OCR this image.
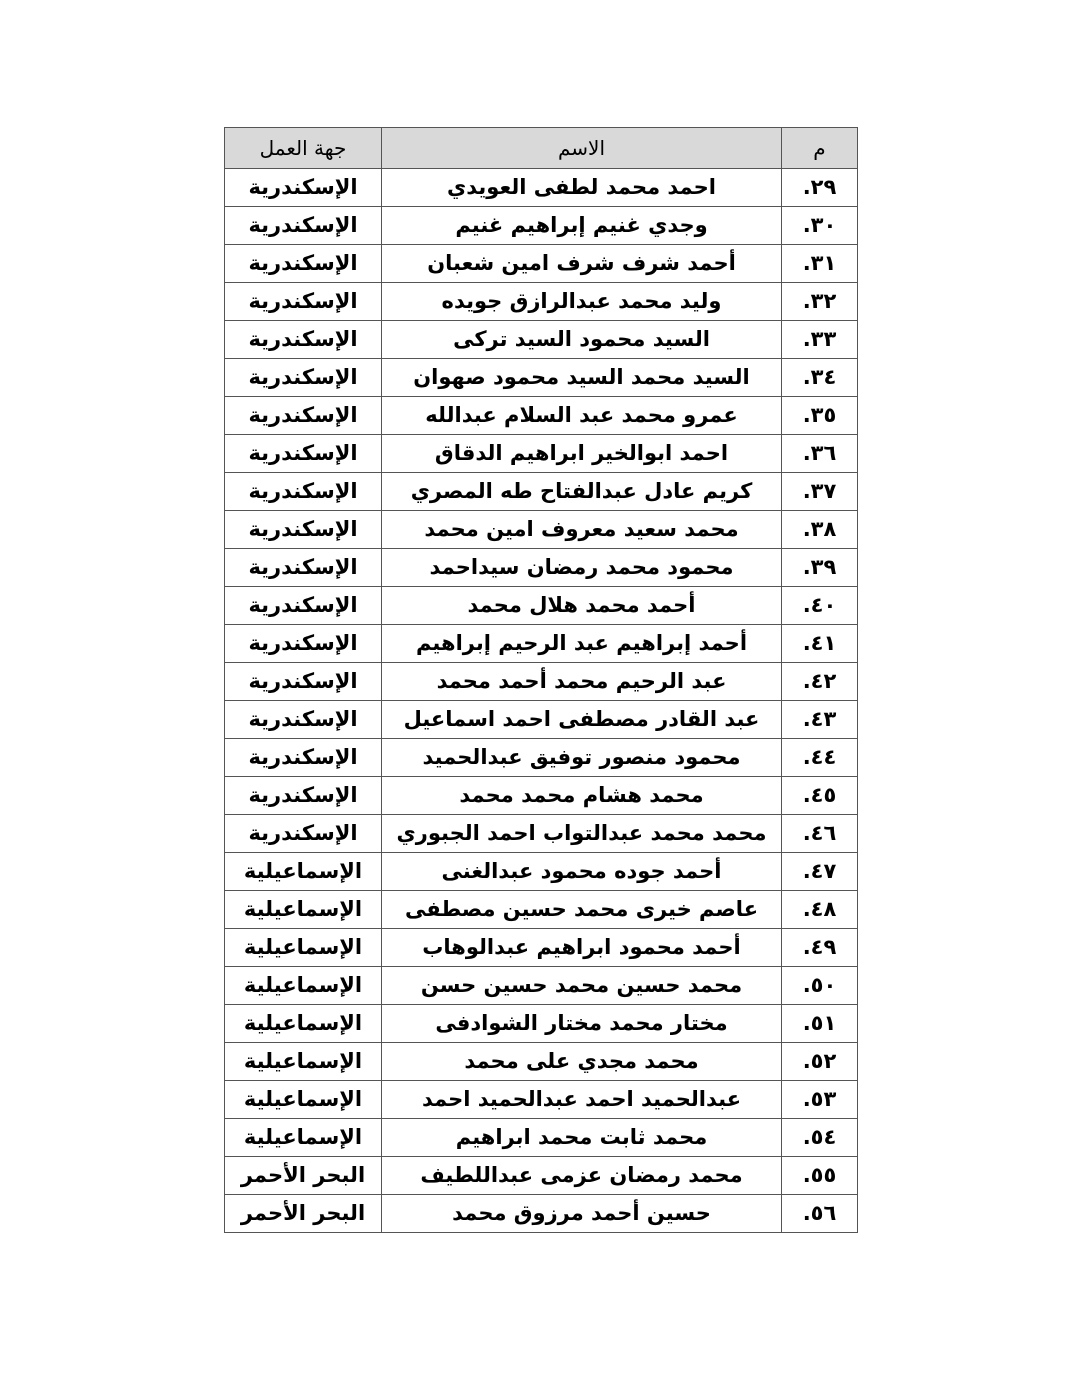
م	الاسم	جهة العمل
.٢٩	احمد محمد لطفى العويدي	الإسكندرية
.٣٠	وجدي غنيم إبراهيم غنيم	الإسكندرية
.٣١	أحمد شرف شرف امين شعبان	الإسكندرية
.٣٢	وليد محمد عبدالرازق جويده	الإسكندرية
.٣٣	السيد محمود السيد تركى	الإسكندرية
.٣٤	السيد محمد السيد محمود صهوان	الإسكندرية
.٣٥	عمرو محمد عبد السلام عبدالله	الإسكندرية
.٣٦	احمد ابوالخير ابراهيم الدقاق	الإسكندرية
.٣٧	كريم عادل عبدالفتاح طه المصري	الإسكندرية
.٣٨	محمد سعيد معروف امين محمد	الإسكندرية
.٣٩	محمود محمد رمضان سيداحمد	الإسكندرية
.٤٠	أحمد محمد هلال محمد	الإسكندرية
.٤١	أحمد إبراهيم عبد الرحيم إبراهيم	الإسكندرية
.٤٢	عبد الرحيم محمد أحمد محمد	الإسكندرية
.٤٣	عبد القادر مصطفى احمد اسماعيل	الإسكندرية
.٤٤	محمود منصور توفيق عبدالحميد	الإسكندرية
.٤٥	محمد هشام محمد محمد	الإسكندرية
.٤٦	محمد محمد عبدالتواب احمد الجبوري	الإسكندرية
.٤٧	أحمد جوده محمود عبدالغنى	الإسماعيلية
.٤٨	عاصم خيرى محمد حسين مصطفى	الإسماعيلية
.٤٩	أحمد محمود ابراهيم عبدالوهاب	الإسماعيلية
.٥٠	محمد حسين محمد حسين حسن	الإسماعيلية
.٥١	مختار محمد مختار الشوادفى	الإسماعيلية
.٥٢	محمد مجدي على محمد	الإسماعيلية
.٥٣	عبدالحميد احمد عبدالحميد احمد	الإسماعيلية
.٥٤	محمد ثابت محمد ابراهيم	الإسماعيلية
.٥٥	محمد رمضان عزمى عبداللطيف	البحر الأحمر
.٥٦	حسين أحمد مرزوق محمد	البحر الأحمر
